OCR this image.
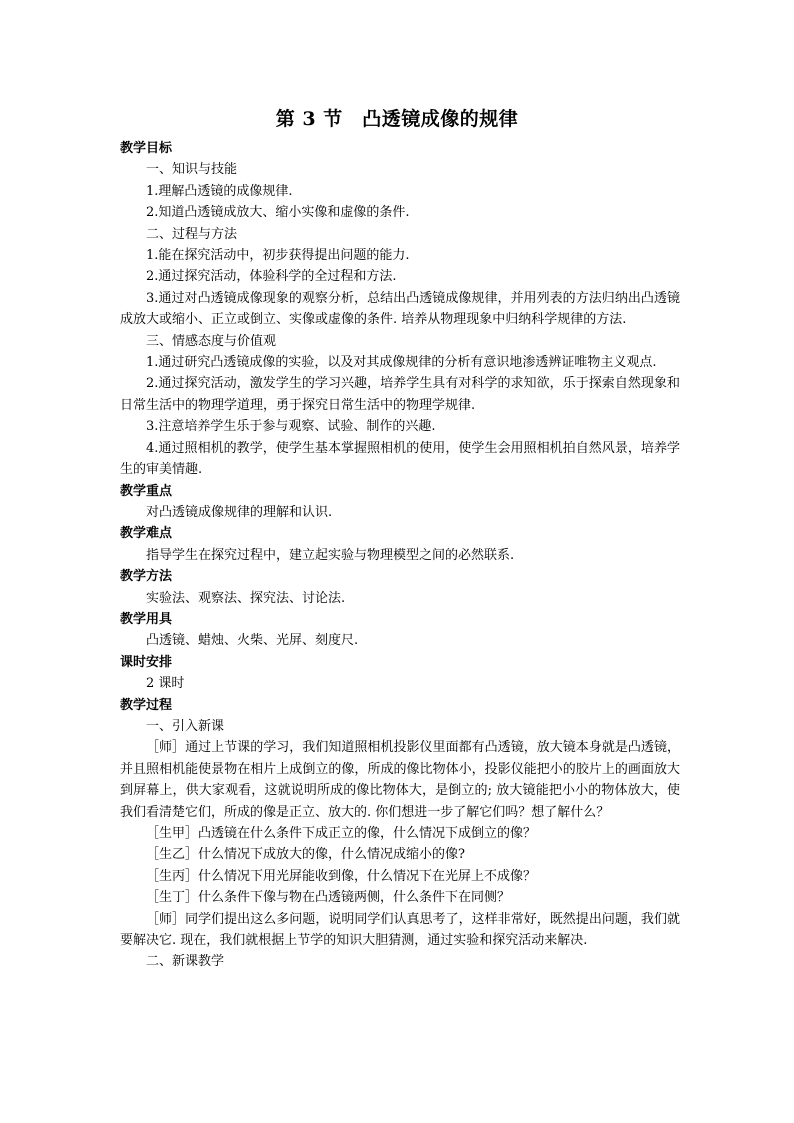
第 3 节　凸透镜成像的规律

教学目标

一、知识与技能

1.理解凸透镜的成像规律.

2.知道凸透镜成放大、缩小实像和虚像的条件.

二、过程与方法

1.能在探究活动中，初步获得提出问题的能力.

2.通过探究活动，体验科学的全过程和方法.

3.通过对凸透镜成像现象的观察分析，总结出凸透镜成像规律，并用列表的方法归纳出凸透镜成放大或缩小、正立或倒立、实像或虚像的条件. 培养从物理现象中归纳科学规律的方法.

三、情感态度与价值观

1.通过研究凸透镜成像的实验，以及对其成像规律的分析有意识地渗透辨证唯物主义观点.

2.通过探究活动，激发学生的学习兴趣，培养学生具有对科学的求知欲，乐于探索自然现象和日常生活中的物理学道理，勇于探究日常生活中的物理学规律.

3.注意培养学生乐于参与观察、试验、制作的兴趣.

4.通过照相机的教学，使学生基本掌握照相机的使用，使学生会用照相机拍自然风景，培养学生的审美情趣.

教学重点

对凸透镜成像规律的理解和认识.

教学难点

指导学生在探究过程中，建立起实验与物理模型之间的必然联系.

教学方法

实验法、观察法、探究法、讨论法.

教学用具

凸透镜、蜡烛、火柴、光屏、刻度尺.

课时安排

2 课时

教学过程

一、引入新课

［师］通过上节课的学习，我们知道照相机投影仪里面都有凸透镜，放大镜本身就是凸透镜，并且照相机能使景物在相片上成倒立的像，所成的像比物体小，投影仪能把小的胶片上的画面放大到屏幕上，供大家观看，这就说明所成的像比物体大，是倒立的; 放大镜能把小小的物体放大，使我们看清楚它们，所成的像是正立、放大的. 你们想进一步了解它们吗？想了解什么？

［生甲］凸透镜在什么条件下成正立的像，什么情况下成倒立的像？

［生乙］什么情况下成放大的像，什么情况成缩小的像?

［生丙］什么情况下用光屏能收到像，什么情况下在光屏上不成像？

［生丁］什么条件下像与物在凸透镜两侧，什么条件下在同侧？

［师］同学们提出这么多问题，说明同学们认真思考了，这样非常好，既然提出问题，我们就要解决它. 现在，我们就根据上节学的知识大胆猜测，通过实验和探究活动来解决.

二、新课教学
